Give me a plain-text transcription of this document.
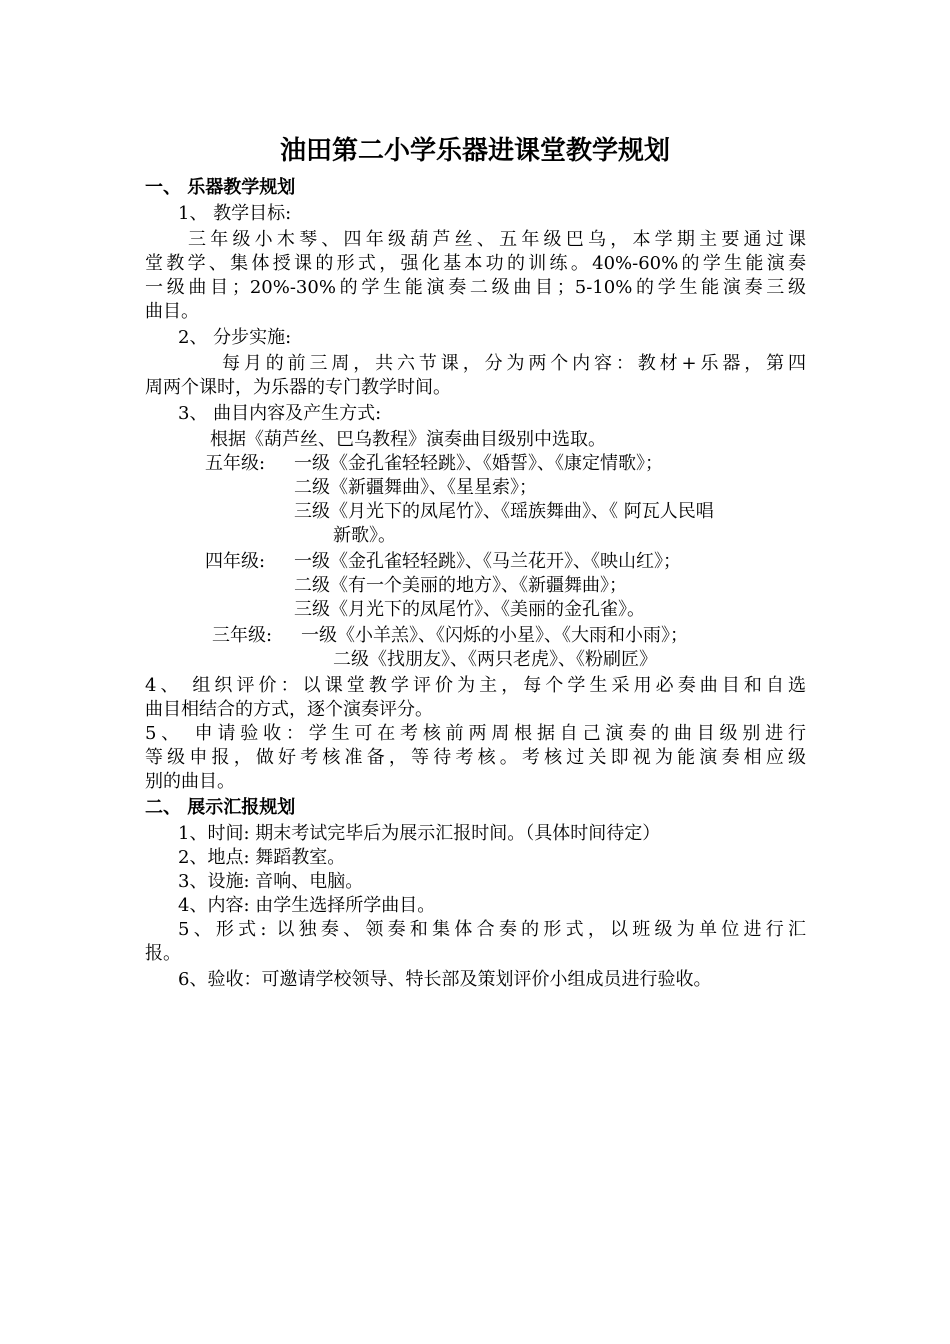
油田第二小学乐器进课堂教学规划
一、 乐器教学规划
1、 教学目标:
三年级小木琴、四年级葫芦丝、五年级巴乌，本学期主要通过课
堂教学、集体授课的形式，强化基本功的训练。40%-60%的学生能演奏
一级曲目；20%-30%的学生能演奏二级曲目；5-10%的学生能演奏三级
曲目。
2、 分步实施:
每月的前三周，共六节课，分为两个内容：教材+乐器，第四
周两个课时，为乐器的专门教学时间。
3、 曲目内容及产生方式:
根据《葫芦丝、巴乌教程》演奏曲目级别中选取。
五年级: 一级《金孔雀轻轻跳》、《婚誓》、《康定情歌》；
二级《新疆舞曲》、《星星索》；
三级《月光下的凤尾竹》、《瑶族舞曲》、《 阿瓦人民唱
新歌》。
四年级: 一级《金孔雀轻轻跳》、《马兰花开》、《映山红》；
二级《有一个美丽的地方》、《新疆舞曲》；
三级《月光下的凤尾竹》、《美丽的金孔雀》。
三年级: 一级《小羊羔》、《闪烁的小星》、《大雨和小雨》；
二级《找朋友》、《两只老虎》、《粉刷匠》
4、 组织评价：以课堂教学评价为主，每个学生采用必奏曲目和自选
曲目相结合的方式，逐个演奏评分。
5、 申请验收：学生可在考核前两周根据自己演奏的曲目级别进行
等级申报，做好考核准备，等待考核。考核过关即视为能演奏相应级
别的曲目。
二、 展示汇报规划
1、时间: 期末考试完毕后为展示汇报时间。（具体时间待定）
2、地点: 舞蹈教室。
3、设施: 音响、电脑。
4、内容: 由学生选择所学曲目。
5、形式: 以独奏、领奏和集体合奏的形式，以班级为单位进行汇
报。
6、验收：可邀请学校领导、特长部及策划评价小组成员进行验收。
